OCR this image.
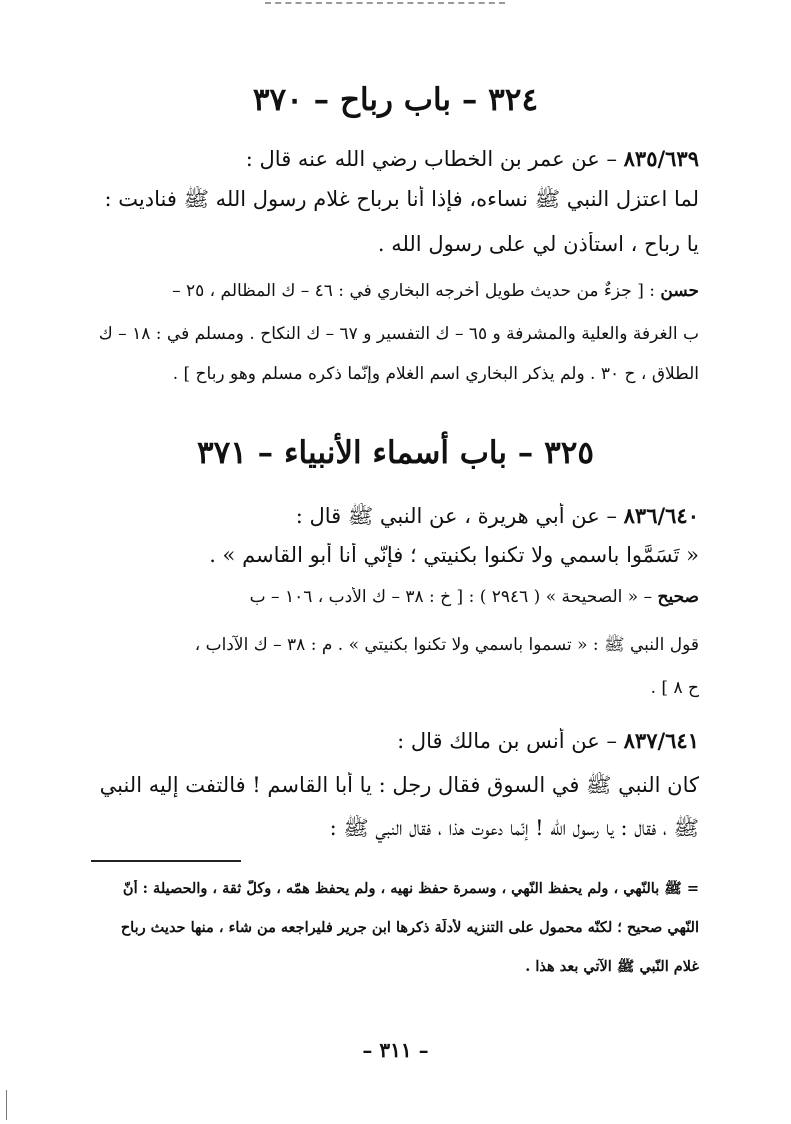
٣٢٤ – باب رباح – ٣٧٠
٨٣٥/٦٣٩ – عن عمر بن الخطاب رضي الله عنه قال :
لما اعتزل النبي ﷺ نساءه، فإذا أنا برباح غلام رسول الله ﷺ فناديت :
يا رباح ، استأذن لي على رسول الله .
حسن : [ جزءٌ من حديث طويل أخرجه البخاري في : ٤٦ – ك المظالم ، ٢٥ –
ب الغرفة والعلية والمشرفة و ٦٥ – ك التفسير و ٦٧ – ك النكاح . ومسلم في : ١٨ – ك
الطلاق ، ح ٣٠ . ولم يذكر البخاري اسم الغلام وإنّما ذكره مسلم وهو رباح ] .
٣٢٥ – باب أسماء الأنبياء – ٣٧١
٨٣٦/٦٤٠ – عن أبي هريرة ، عن النبي ﷺ قال :
« تَسَمَّوا باسمي ولا تكنوا بكنيتي ؛ فإنّي أنا أبو القاسم » .
صحيح – « الصحيحة » ( ٢٩٤٦ ) : [ خ : ٣٨ – ك الأدب ، ١٠٦ – ب
قول النبي ﷺ : « تسموا باسمي ولا تكنوا بكنيتي » . م : ٣٨ – ك الآداب ،
ح ٨ ] .
٨٣٧/٦٤١ – عن أنس بن مالك قال :
كان النبي ﷺ في السوق فقال رجل : يا أبا القاسم ! فالتفت إليه النبي
ﷺ ، فقال : يا رسول الله ! إنّما دعوت هذا ، فقال النبي ﷺ :
= ﷺ بالنّهي ، ولم يحفظ النّهي ، وسمرة حفظ نهيه ، ولم يحفظ همّه ، وكلٌّ ثقة ، والحصيلة : أنّ
النّهي صحيح ؛ لكنّه محمول على التنزيه لأدلّة ذكرها ابن جرير فليراجعه من شاء ، منها حديث رباح
غلام النّبي ﷺ الآتي بعد هذا .
– ٣١١ –
